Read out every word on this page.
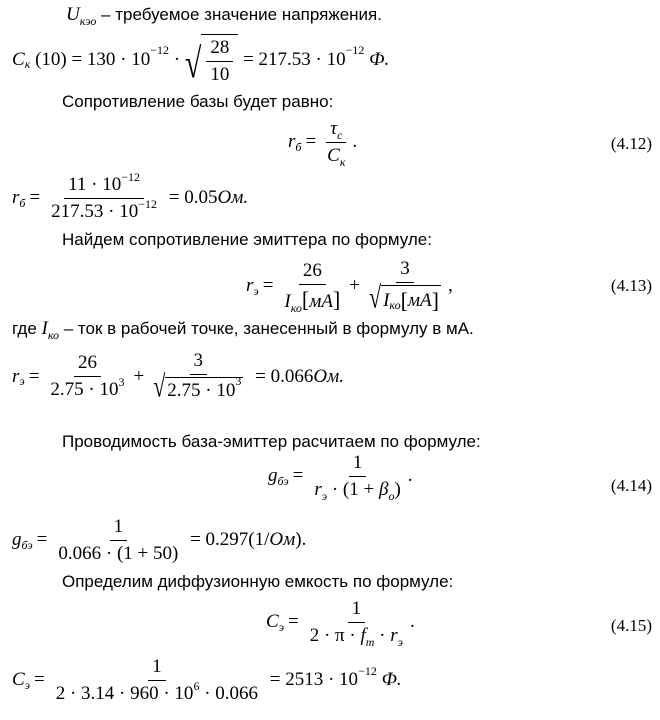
$U_{кэо}$ – требуемое значение напряжения.
C к (10) = 130 · 10 −12 · √ $\frac{28}{10} = 217.53 \cdot 10 -12$ Ф.
Сопротивление базы будет равно:
r $б = \frac{\tau_c}{C_к}$ .	(4.12)
r $б = \frac{11 \cdot 10^{-12}}{217.53 \cdot 10^{-12}} = 0.05$ Ом.
Найдем сопротивление эмиттера по формуле:
r $э = \frac{26}{I_{ко}[мА]} + \frac{3}{\text{√ I ко [ мА ]}}$ ,	(4.13)
где $I_{ко}$ – ток в рабочей точке, занесенный в формулу в мА.
r $э = \frac{26}{2.75 \cdot 10^3} + \frac{3}{√ 2.75 \cdot 10 3} = 0.066$ Ом.
Проводимость база-эмиттер расчитаем по формуле:
g бэ = $\frac{1}{r_э \cdot (1 + \beta_o)}$ .	(4.14)
g бэ = $\frac{1}{0.066 \cdot (1 + 50)} = 0.297(1/$ Ом ).
Определим диффузионную емкость по формуле:
C $э = \frac{1}{2 \cdot \pi \cdot f_т \cdot r_э}$ .	(4.15)
C $э = \frac{1}{2 \cdot 3.14 \cdot 960 \cdot 10^6 \cdot 0.066} = 2513 \cdot 10 -12$ Ф.
